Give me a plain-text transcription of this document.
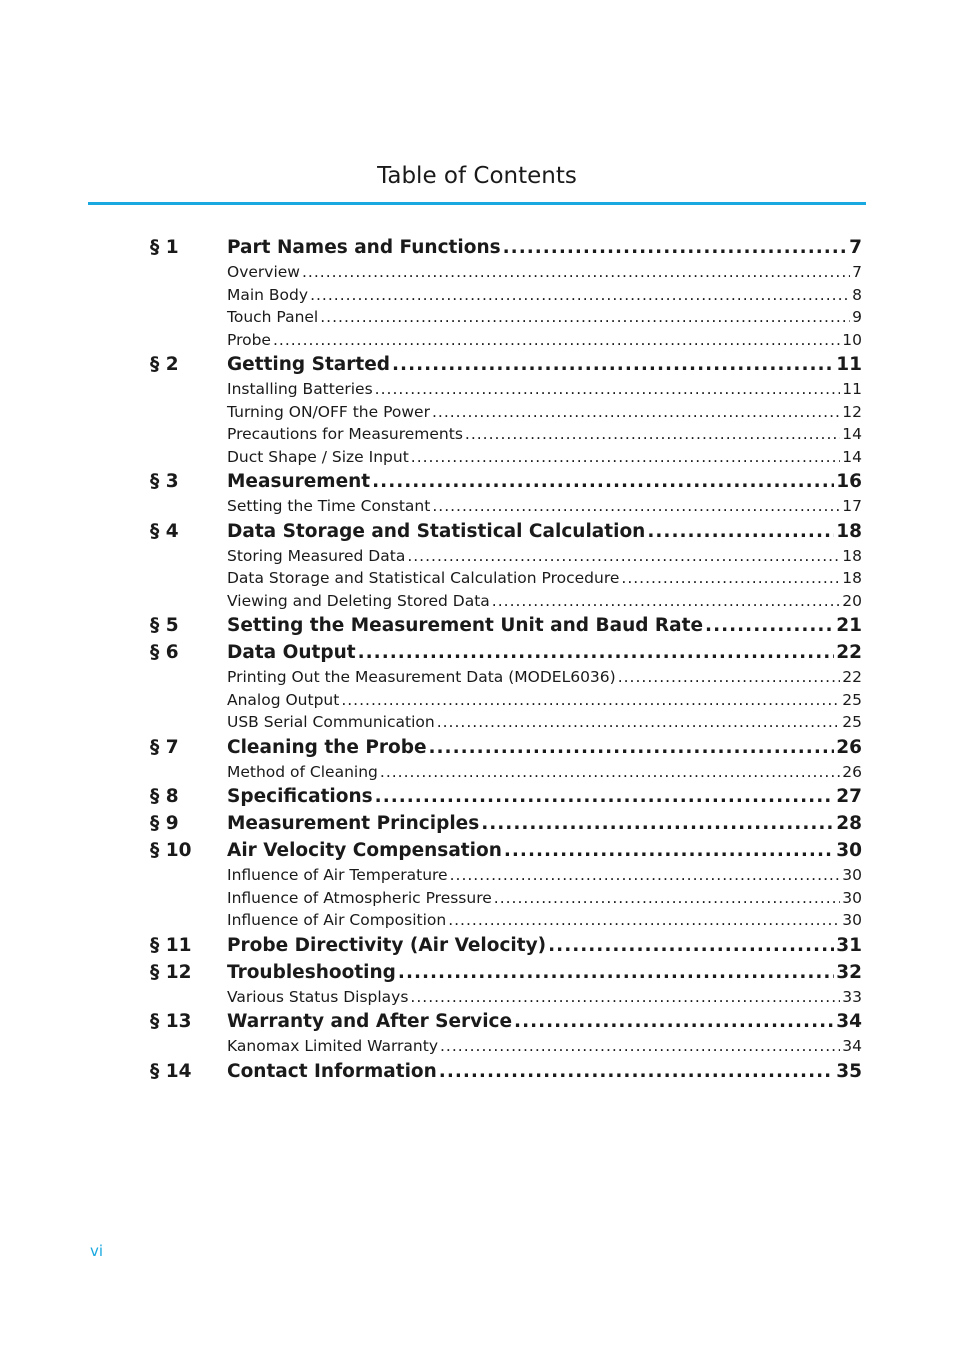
Table of Contents
§ 1	Part Names and Functions .....	7
Overview .....	7
Main Body .....	8
Touch Panel .....	9
Probe .....	10
§ 2	Getting Started .....	11
Installing Batteries .....	11
Turning ON/OFF the Power .....	12
Precautions for Measurements .....	14
Duct Shape / Size Input .....	14
§ 3	Measurement .....	16
Setting the Time Constant .....	17
§ 4	Data Storage and Statistical Calculation .....	18
Storing Measured Data .....	18
Data Storage and Statistical Calculation Procedure .....	18
Viewing and Deleting Stored Data .....	20
§ 5	Setting the Measurement Unit and Baud Rate .....	21
§ 6	Data Output .....	22
Printing Out the Measurement Data (MODEL6036) .....	22
Analog Output .....	25
USB Serial Communication .....	25
§ 7	Cleaning the Probe .....	26
Method of Cleaning .....	26
§ 8	Specifications .....	27
§ 9	Measurement Principles .....	28
§ 10	Air Velocity Compensation .....	30
Influence of Air Temperature .....	30
Influence of Atmospheric Pressure .....	30
Influence of Air Composition .....	30
§ 11	Probe Directivity (Air Velocity) .....	31
§ 12	Troubleshooting .....	32
Various Status Displays .....	33
§ 13	Warranty and After Service .....	34
Kanomax Limited Warranty .....	34
§ 14	Contact Information .....	35
vi
